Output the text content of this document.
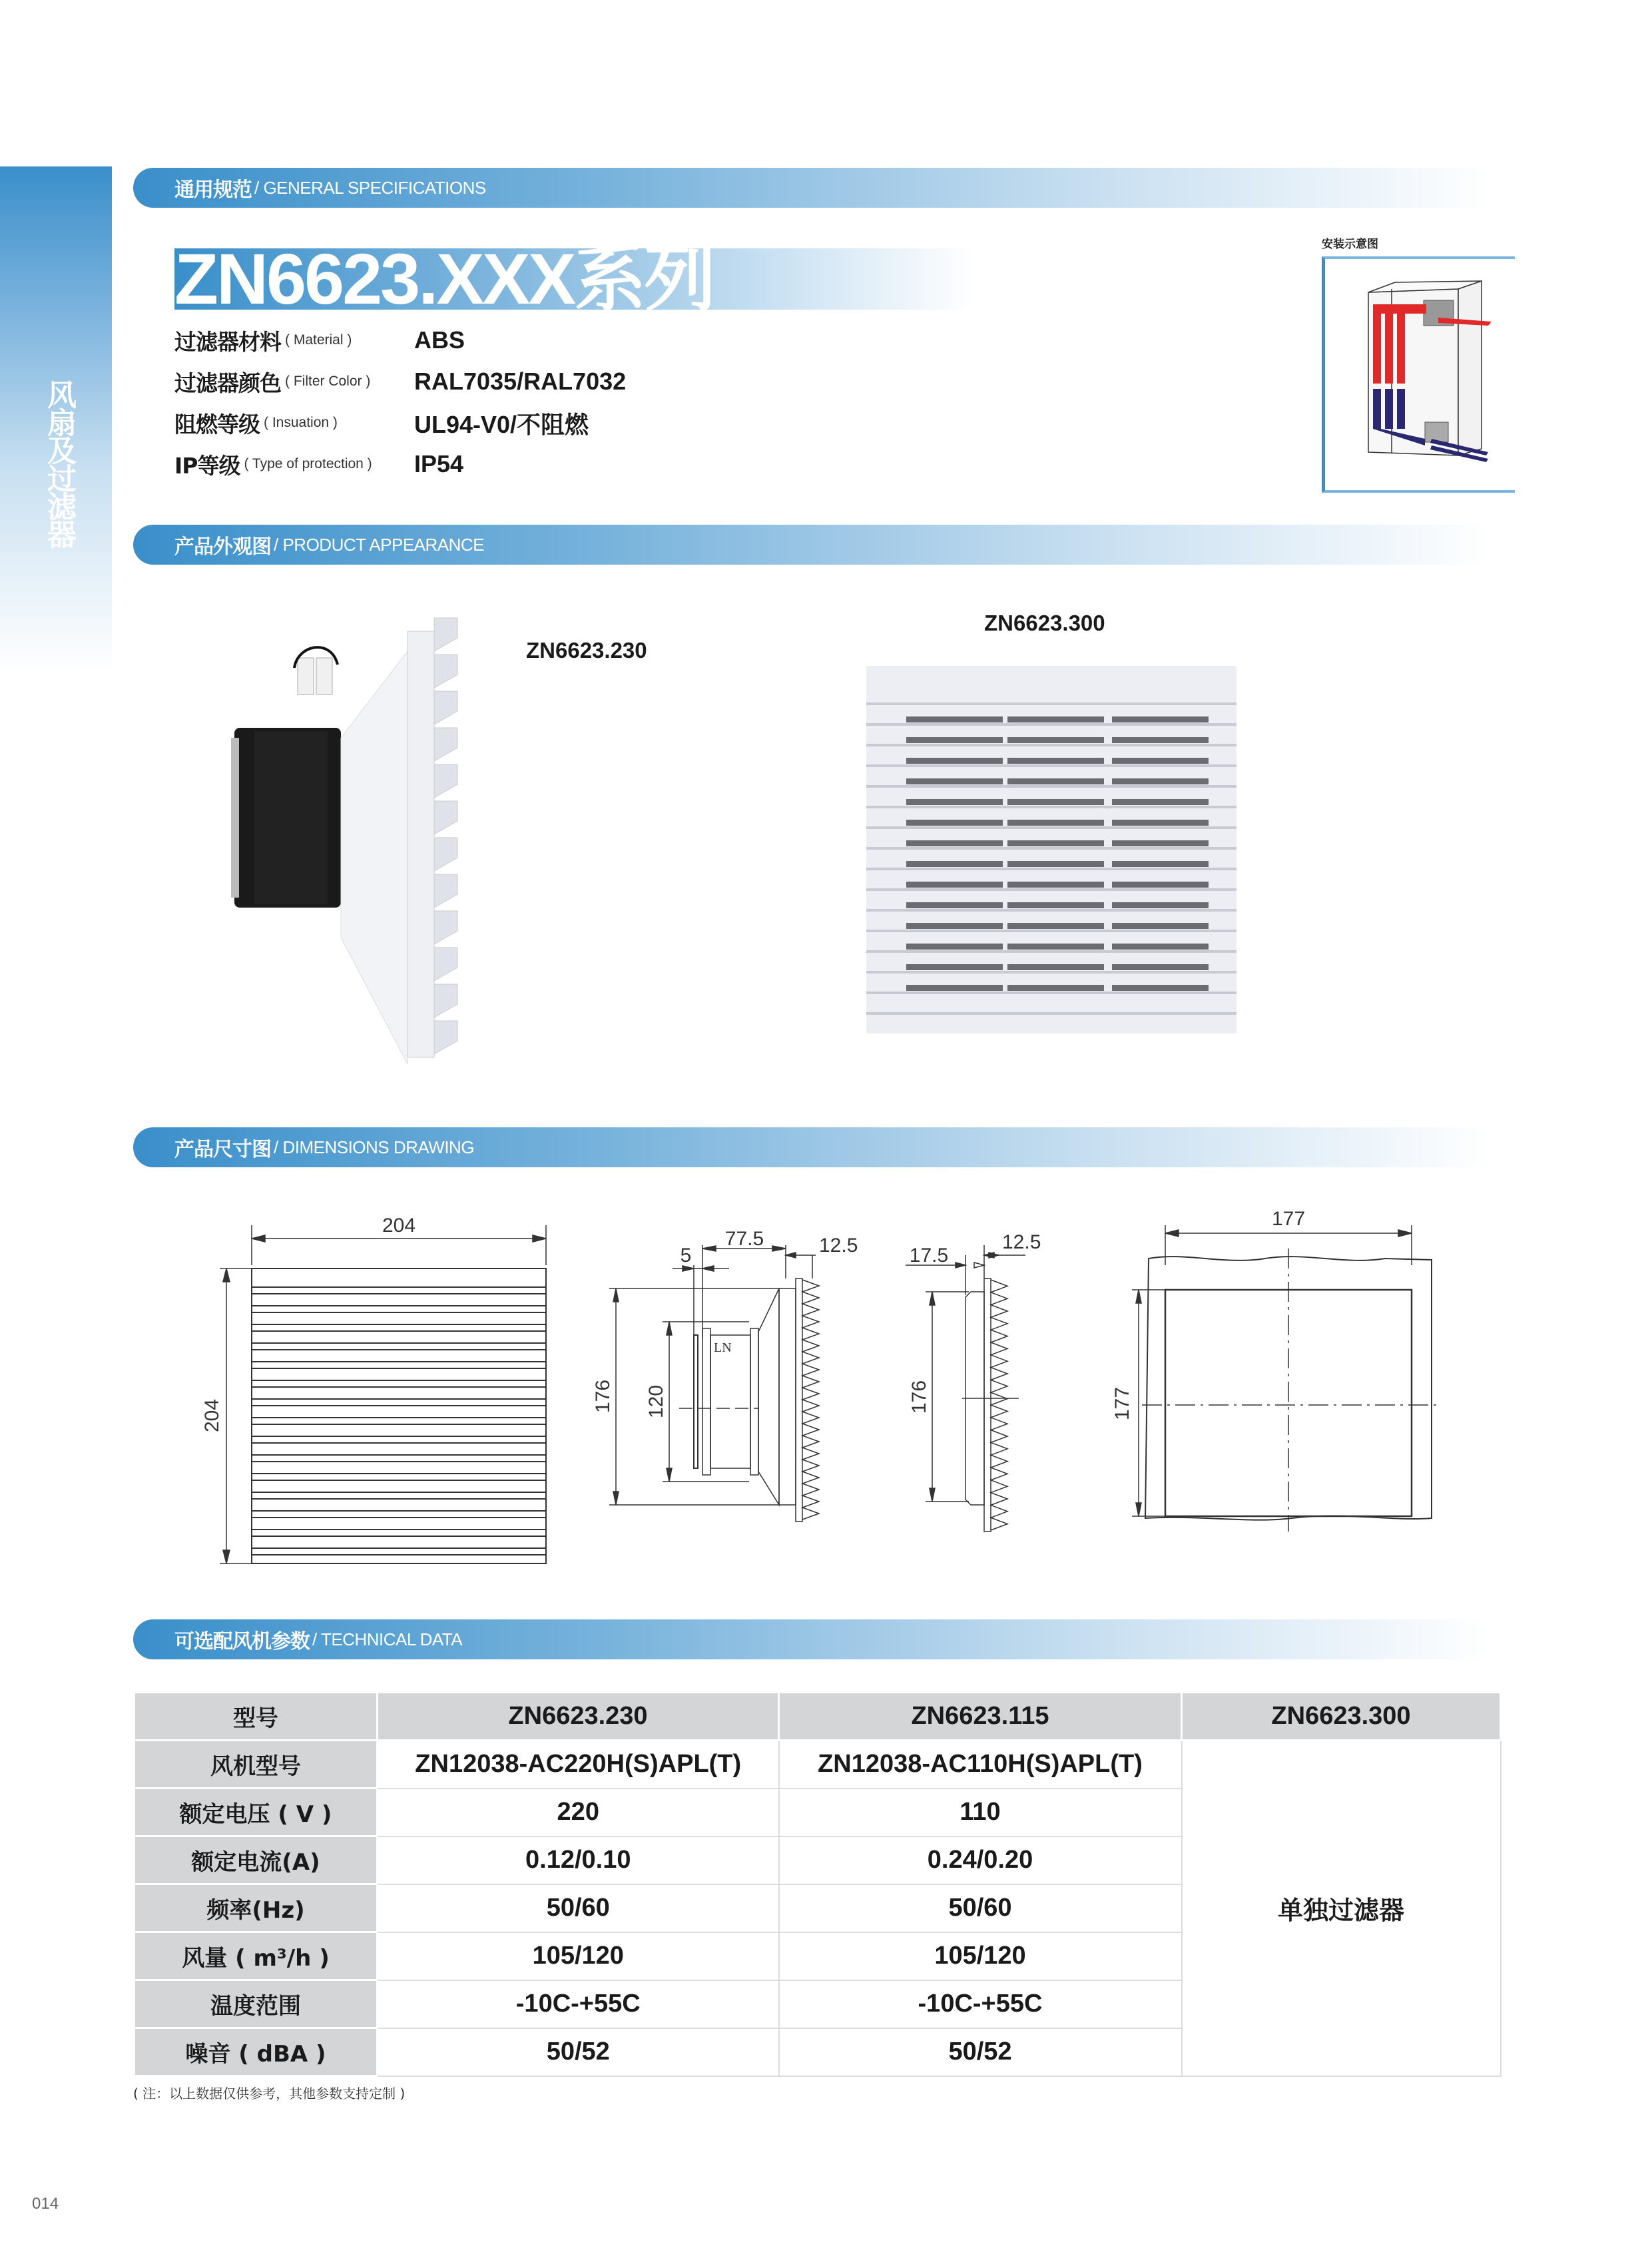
风扇及过滤器
通用规范 / GENERAL SPECIFICATIONS
ZN6623.XXX系列
过滤器材料 ( Material )	ABS
过滤器颜色 ( Filter Color ) RAL7035/RAL7032
阻燃等级 ( Insuation )	UL94-V0/不阻燃
IP等级 ( Type of protection ) IP54
安装示意图
产品外观图 / PRODUCT APPEARANCE
ZN6623.230
ZN6623.300
产品尺寸图 / DIMENSIONS DRAWING
204
204
LN
77.5	12.5
5
176 120
17.5
12.5
176
177
177
可选配风机参数 / TECHNICAL DATA
型号	ZN6623.230	ZN6623.115	ZN6623.300
风机型号	ZN12038-AC220H(S)APL(T)	ZN12038-AC110H(S)APL(T)	单独过滤器
额定电压 ( V )	220	110	
额定电流(A)	0.12/0.10	0.24/0.20	
频率(Hz)	50/60	50/60	
风量 ( m³/h )	105/120	105/120	
温度范围	-10C-+55C	-10C-+55C	
噪音 ( dBA )	50/52	50/52	
( 注：以上数据仅供参考，其他参数支持定制 )
014
